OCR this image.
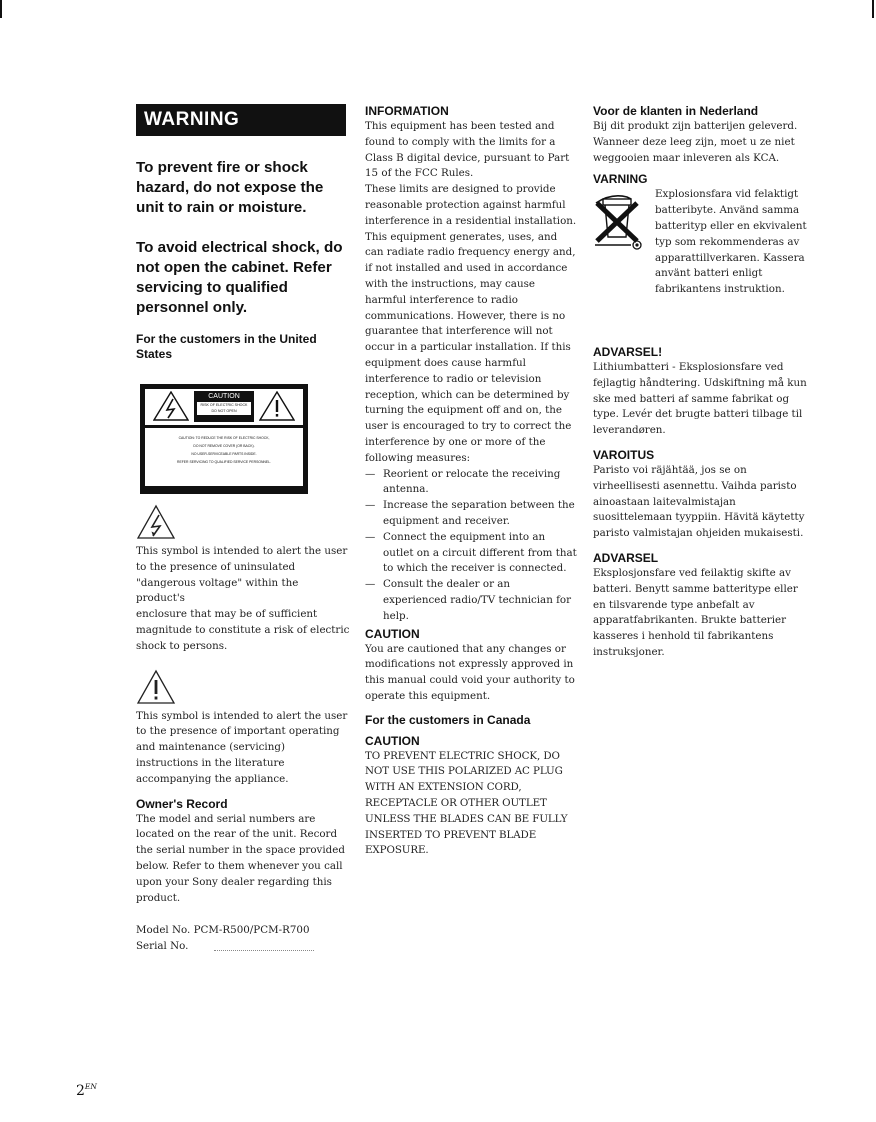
WARNING

To prevent fire or shock hazard, do not expose the unit to rain or moisture.

To avoid electrical shock, do not open the cabinet. Refer servicing to qualified personnel only.

For the customers in the United States

CAUTION
RISK OF ELECTRIC SHOCK
DO NOT OPEN
CAUTION: TO REDUCE THE RISK OF ELECTRIC SHOCK,
DO NOT REMOVE COVER (OR BACK).
NO USER-SERVICEABLE PARTS INSIDE.
REFER SERVICING TO QUALIFIED SERVICE PERSONNEL.
This symbol is intended to alert the user to the presence of uninsulated "dangerous voltage" within the product's
enclosure that may be of sufficient magnitude to constitute a risk of electric shock to persons.
This symbol is intended to alert the user to the presence of important operating and maintenance (servicing) instructions in the literature accompanying the appliance.

Owner's Record

The model and serial numbers are located on the rear of the unit. Record the serial number in the space provided below. Refer to them whenever you call upon your Sony dealer regarding this product.
Model No. PCM-R500/PCM-R700
Serial No.

INFORMATION

This equipment has been tested and found to comply with the limits for a Class B digital device, pursuant to Part 15 of the FCC Rules.
These limits are designed to provide reasonable protection against harmful interference in a residential installation. This equipment generates, uses, and can radiate radio frequency energy and, if not installed and used in accordance with the instructions, may cause harmful interference to radio communications. However, there is no guarantee that interference will not occur in a particular installation. If this equipment does cause harmful interference to radio or television reception, which can be determined by turning the equipment off and on, the user is encouraged to try to correct the interference by one or more of the following measures:
— Reorient or relocate the receiving antenna.
— Increase the separation between the equipment and receiver.
— Connect the equipment into an outlet on a circuit different from that to which the receiver is connected.
— Consult the dealer or an experienced radio/TV technician for help.

CAUTION

You are cautioned that any changes or modifications not expressly approved in this manual could void your authority to operate this equipment.

For the customers in Canada

CAUTION

TO PREVENT ELECTRIC SHOCK, DO NOT USE THIS POLARIZED AC PLUG WITH AN EXTENSION CORD, RECEPTACLE OR OTHER OUTLET UNLESS THE BLADES CAN BE FULLY INSERTED TO PREVENT BLADE EXPOSURE.

Voor de klanten in Nederland

Bij dit produkt zijn batterijen geleverd. Wanneer deze leeg zijn, moet u ze niet weggooien maar inleveren als KCA.

VARNING

Explosionsfara vid felaktigt batteribyte. Använd samma batterityp eller en ekvivalent typ som rekommenderas av apparattillverkaren. Kassera använt batteri enligt fabrikantens instruktion.

ADVARSEL!

Lithiumbatteri - Eksplosionsfare ved fejlagtig håndtering. Udskiftning må kun ske med batteri af samme fabrikat og type. Levér det brugte batteri tilbage til leverandøren.

VAROITUS

Paristo voi räjähtää, jos se on virheellisesti asennettu. Vaihda paristo ainoastaan laitevalmistajan suosittelemaan tyyppiin. Hävitä käytetty paristo valmistajan ohjeiden mukaisesti.

ADVARSEL

Eksplosjonsfare ved feilaktig skifte av batteri. Benytt samme batteritype eller en tilsvarende type anbefalt av apparatfabrikanten. Brukte batterier kasseres i henhold til fabrikantens instruksjoner.
$2^{EN}$
